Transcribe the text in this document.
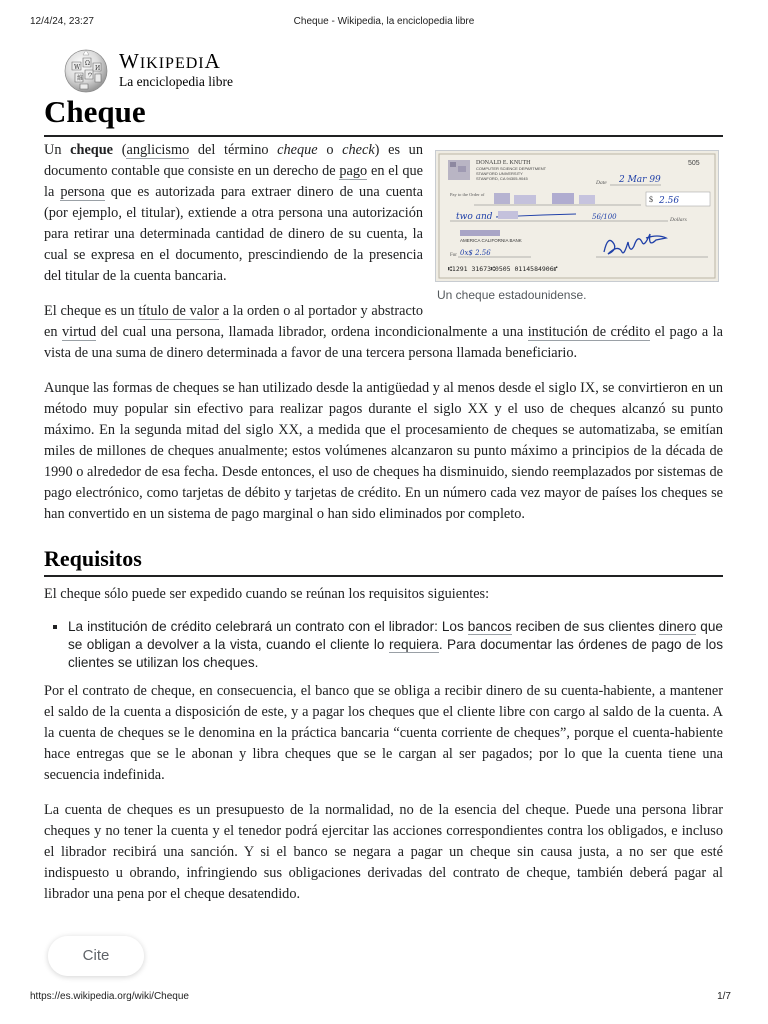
12/4/24, 23:27	Cheque - Wikipedia, la enciclopedia libre
W
Ω
И
維 ウ
WIKIPEDIA
La enciclopedia libre
Cheque
DONALD E. KNUTH
COMPUTER SCIENCE DEPARTMENT
STANFORD UNIVERSITY
STANFORD, CA 94305-9045
505
Date 2 Mar 99
Pay to the Order of
$ 2.56
two and	56/100	Dollars
AMERICA CALIFORNIA BANK
For 0x$ 2.56
⑆1291 31673⑆0505 0114584906⑈
Un cheque estadounidense.

Un cheque (anglicismo del término cheque o check) es un documento contable que consiste en un derecho de pago en el que la persona que es autorizada para extraer dinero de una cuenta (por ejemplo, el titular), extiende a otra persona una autorización para retirar una determinada cantidad de dinero de su cuenta, la cual se expresa en el documento, prescindiendo de la presencia del titular de la cuenta bancaria.

El cheque es un título de valor a la orden o al portador y abstracto en virtud del cual una persona, llamada librador, ordena incondicionalmente a una institución de crédito el pago a la vista de una suma de dinero determinada a favor de una tercera persona llamada beneficiario.

Aunque las formas de cheques se han utilizado desde la antigüedad y al menos desde el siglo IX, se convirtieron en un método muy popular sin efectivo para realizar pagos durante el siglo XX y el uso de cheques alcanzó su punto máximo. En la segunda mitad del siglo XX, a medida que el procesamiento de cheques se automatizaba, se emitían miles de millones de cheques anualmente; estos volúmenes alcanzaron su punto máximo a principios de la década de 1990 o alrededor de esa fecha. Desde entonces, el uso de cheques ha disminuido, siendo reemplazados por sistemas de pago electrónico, como tarjetas de débito y tarjetas de crédito. En un número cada vez mayor de países los cheques se han convertido en un sistema de pago marginal o han sido eliminados por completo.

Requisitos

El cheque sólo puede ser expedido cuando se reúnan los requisitos siguientes:

▪ La institución de crédito celebrará un contrato con el librador: Los bancos reciben de sus clientes dinero que se obligan a devolver a la vista, cuando el cliente lo requiera. Para documentar las órdenes de pago de los clientes se utilizan los cheques.

Por el contrato de cheque, en consecuencia, el banco que se obliga a recibir dinero de su cuenta-habiente, a mantener el saldo de la cuenta a disposición de este, y a pagar los cheques que el cliente libre con cargo al saldo de la cuenta. A la cuenta de cheques se le denomina en la práctica bancaria “cuenta corriente de cheques”, porque el cuenta-habiente hace entregas que se le abonan y libra cheques que se le cargan al ser pagados; por lo que la cuenta tiene una secuencia indefinida.

La cuenta de cheques es un presupuesto de la normalidad, no de la esencia del cheque. Puede una persona librar cheques y no tener la cuenta y el tenedor podrá ejercitar las acciones correspondientes contra los obligados, e incluso el librador recibirá una sanción. Y si el banco se negara a pagar un cheque sin causa justa, a no ser que esté indispuesto u obrando, infringiendo sus obligaciones derivadas del contrato de cheque, también deberá pagar al librador una pena por el cheque desatendido.

Cite
https://es.wikipedia.org/wiki/Cheque	1/7
